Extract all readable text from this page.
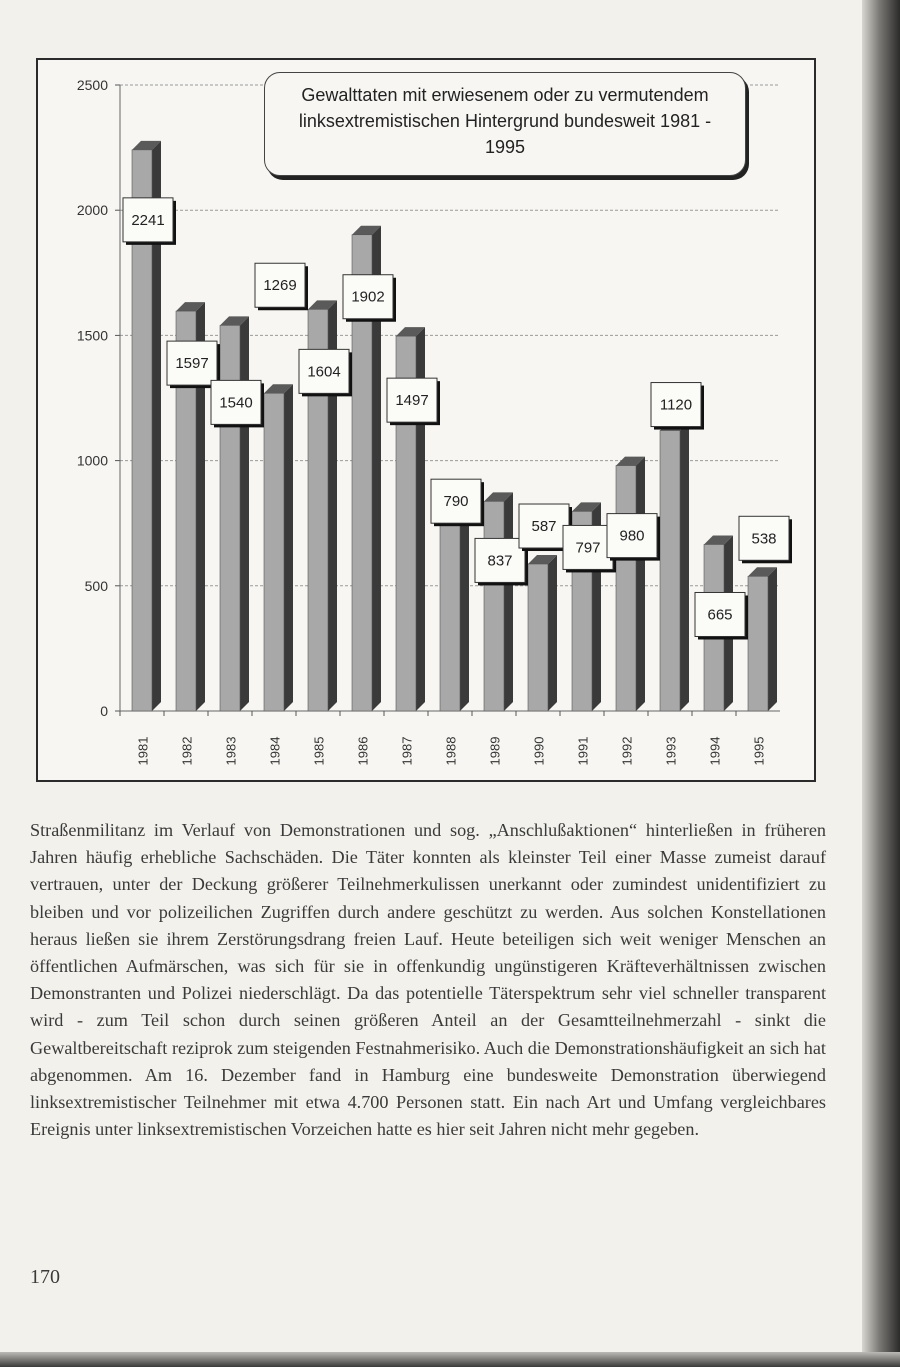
0
500
1000
1500
2000
2500
1981 1982 1983 1984 1985 1986 1987 1988 1989 1990 1991 1992 1993 1994 1995
2241
1597
1540
1269
1604
1902
1497
790
837
587
797
980
1120
665
538
Gewalttaten mit erwiesenem oder zu vermutendem linksextremistischen Hintergrund bundesweit 1981 - 1995

Straßenmilitanz im Verlauf von Demonstrationen und sog. „Anschlußaktionen“ hinterließen in früheren Jahren häufig erhebliche Sachschäden. Die Täter konnten als kleinster Teil einer Masse zumeist darauf vertrauen, unter der Deckung größerer Teilnehmerkulissen unerkannt oder zumindest unidentifiziert zu bleiben und vor polizeilichen Zugriffen durch andere geschützt zu werden. Aus solchen Konstellationen heraus ließen sie ihrem Zerstörungsdrang freien Lauf. Heute beteiligen sich weit weniger Menschen an öffentlichen Aufmärschen, was sich für sie in offenkundig ungünstigeren Kräfteverhältnissen zwischen Demonstranten und Polizei niederschlägt. Da das potentielle Täterspektrum sehr viel schneller transparent wird - zum Teil schon durch seinen größeren Anteil an der Gesamtteilnehmerzahl - sinkt die Gewaltbereitschaft reziprok zum steigenden Festnahmerisiko. Auch die Demonstrationshäufigkeit an sich hat abgenommen. Am 16. Dezember fand in Hamburg eine bundesweite Demonstration überwiegend linksextremistischer Teilnehmer mit etwa 4.700 Personen statt. Ein nach Art und Umfang vergleichbares Ereignis unter linksextremistischen Vorzeichen hatte es hier seit Jahren nicht mehr gegeben.

170
